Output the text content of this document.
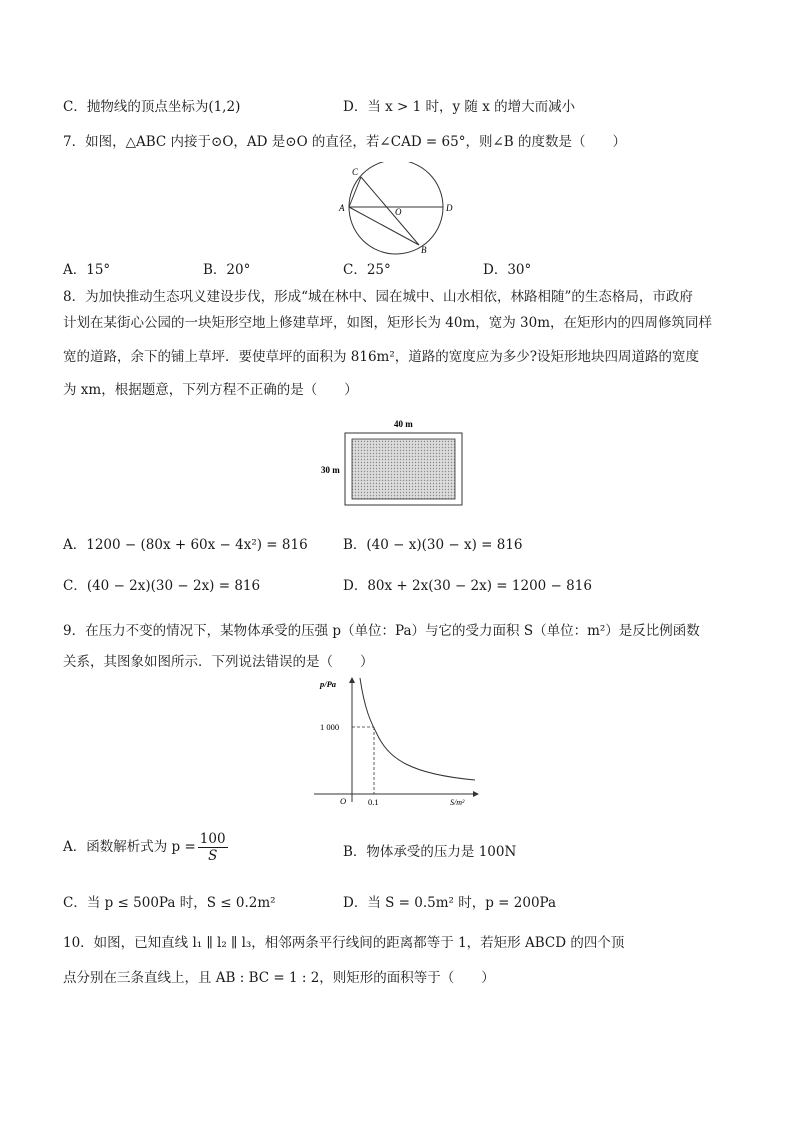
C．抛物线的顶点坐标为(1,2)	D．当 x > 1 时，y 随 x 的增大而减小
7．如图，△ABC 内接于⊙O，AD 是⊙O 的直径，若∠CAD = 65°，则∠B 的度数是（　　）
C
A	O	D
B
A．15°	B．20°	C．25°	D．30°
8．为加快推动生态巩义建设步伐，形成“城在林中、园在城中、山水相依，林路相随”的生态格局，市政府
计划在某街心公园的一块矩形空地上修建草坪，如图，矩形长为 40m，宽为 30m，在矩形内的四周修筑同样
宽的道路，余下的铺上草坪．要使草坪的面积为 816m²，道路的宽度应为多少?设矩形地块四周道路的宽度
为 xm，根据题意，下列方程不正确的是（　　）
40 m
30 m
A．1200 − (80x + 60x − 4x²) = 816	B．(40 − x)(30 − x) = 816
C．(40 − 2x)(30 − 2x) = 816	D．80x + 2x(30 − 2x) = 1200 − 816
9．在压力不变的情况下，某物体承受的压强 p（单位：Pa）与它的受力面积 S（单位：m²）是反比例函数
关系，其图象如图所示．下列说法错误的是（　　）
p/Pa
1 000
O	0.1	S/m²
A．函数解析式为 $p = \frac{100}{S}$	B．物体承受的压力是 100N
C．当 p ≤ 500Pa 时，S ≤ 0.2m²	D．当 S = 0.5m² 时，p = 200Pa
10．如图，已知直线 l₁ ∥ l₂ ∥ l₃，相邻两条平行线间的距离都等于 1，若矩形 ABCD 的四个顶
点分别在三条直线上，且 AB : BC = 1 : 2，则矩形的面积等于（　　）
